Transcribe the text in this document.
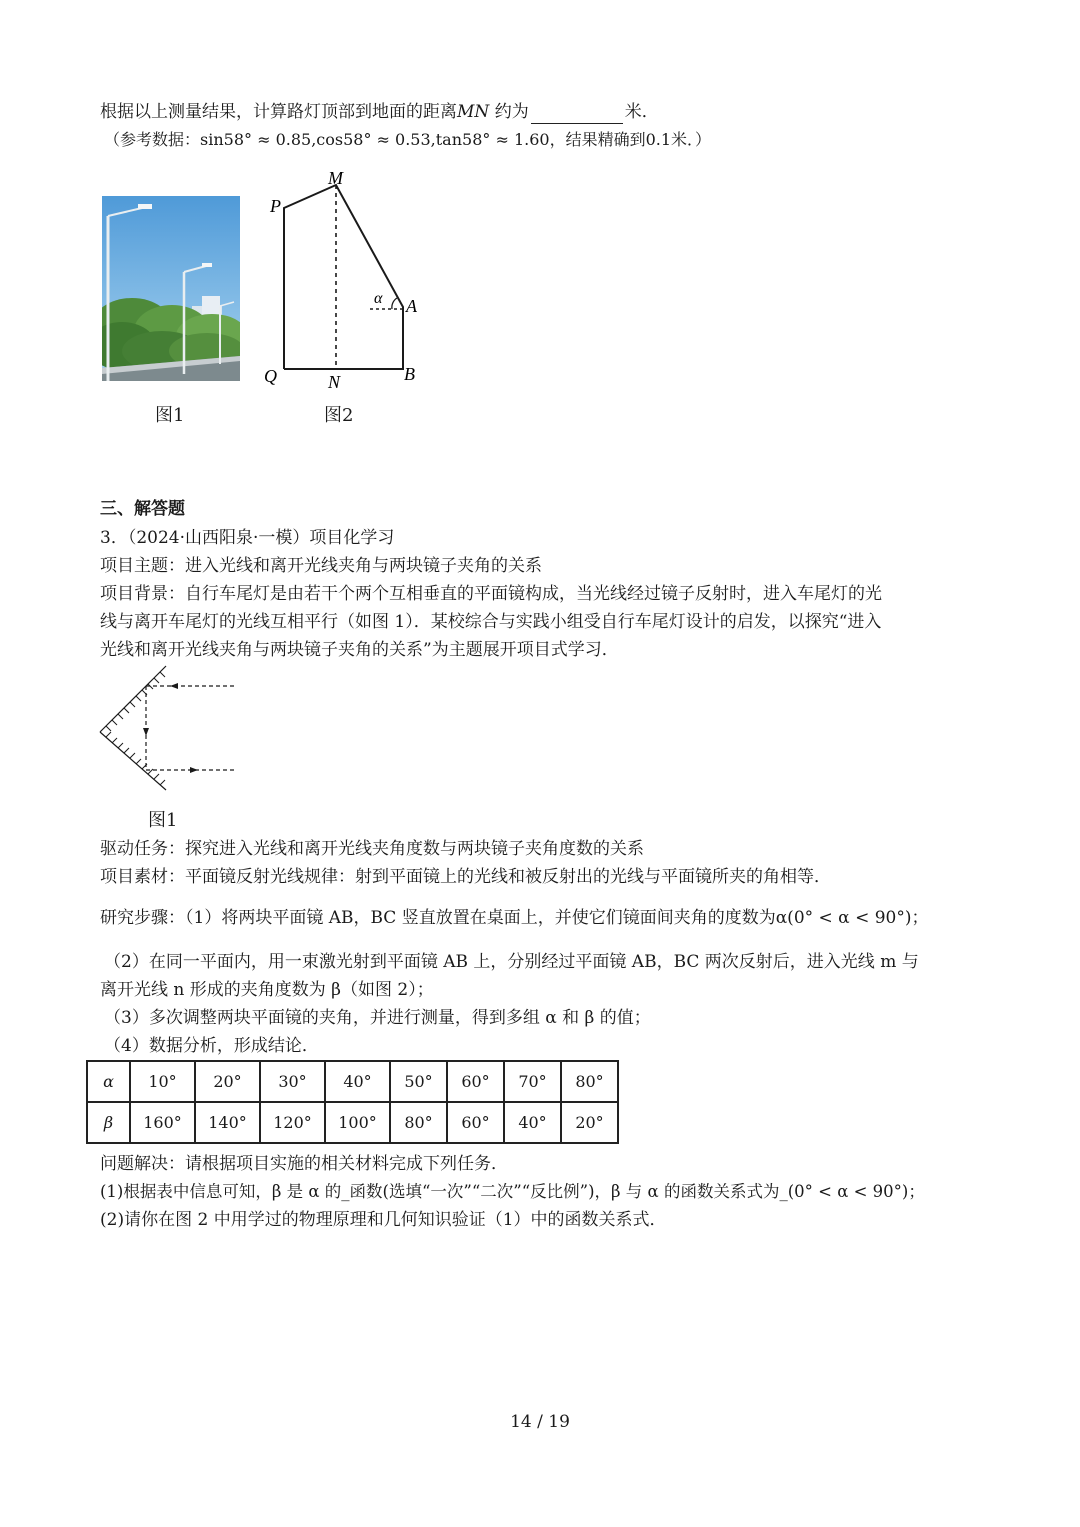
根据以上测量结果，计算路灯顶部到地面的距离MN 约为	米．
（参考数据：sin58° ≈ 0.85,cos58° ≈ 0.53,tan58° ≈ 1.60，结果精确到0.1米．）
图1
M
P
A
α
Q	N	B
图2
三、解答题
3．（2024·山西阳泉·一模）项目化学习
项目主题：进入光线和离开光线夹角与两块镜子夹角的关系
项目背景：自行车尾灯是由若干个两个互相垂直的平面镜构成，当光线经过镜子反射时，进入车尾灯的光
线与离开车尾灯的光线互相平行（如图 1）．某校综合与实践小组受自行车尾灯设计的启发，以探究“进入
光线和离开光线夹角与两块镜子夹角的关系”为主题展开项目式学习．
图1
驱动任务：探究进入光线和离开光线夹角度数与两块镜子夹角度数的关系
项目素材：平面镜反射光线规律：射到平面镜上的光线和被反射出的光线与平面镜所夹的角相等．
研究步骤：（1）将两块平面镜 AB，BC 竖直放置在桌面上，并使它们镜面间夹角的度数为α(0° < α < 90°)；
（2）在同一平面内，用一束激光射到平面镜 AB 上，分别经过平面镜 AB，BC 两次反射后，进入光线 m 与
离开光线 n 形成的夹角度数为 β（如图 2）；
（3）多次调整两块平面镜的夹角，并进行测量，得到多组 α 和 β 的值；
（4）数据分析，形成结论．
α	10°	20°	30°	40°	50°	60°	70°	80°
β	160°	140°	120°	100°	80°	60°	40°	20°
问题解决：请根据项目实施的相关材料完成下列任务．
(1)根据表中信息可知，β 是 α 的_函数(选填“一次”“二次”“反比例”)，β 与 α 的函数关系式为_(0° < α < 90°)；
(2)请你在图 2 中用学过的物理原理和几何知识验证（1）中的函数关系式．
14 / 19
